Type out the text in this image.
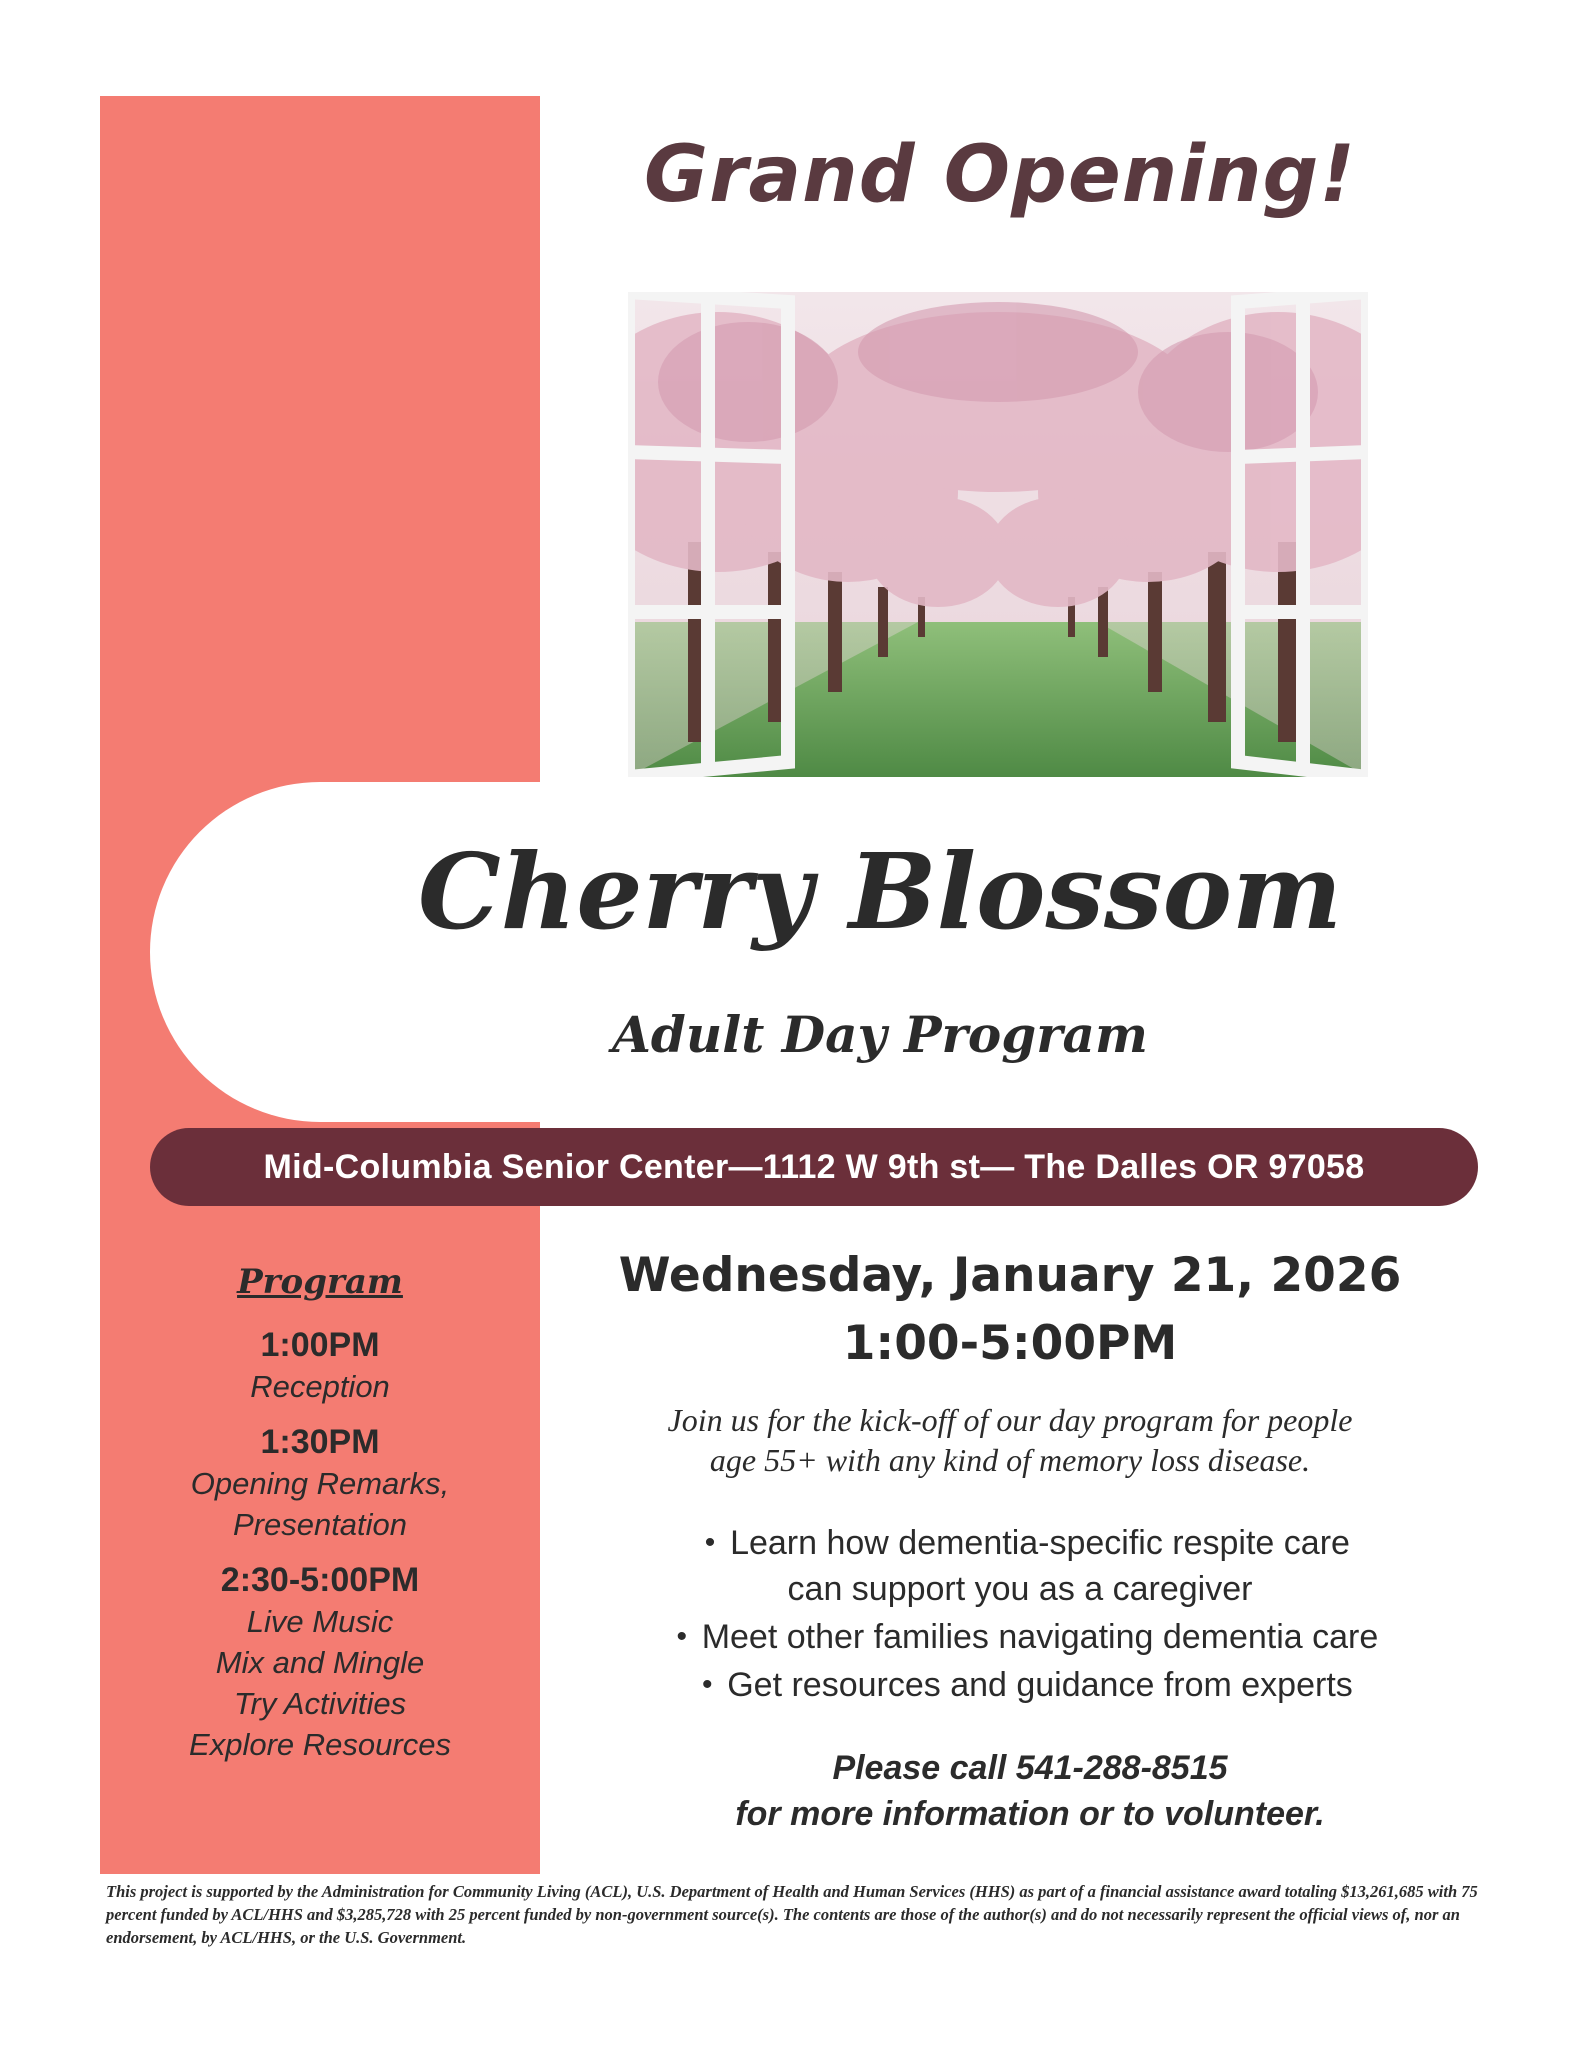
Grand Opening!
Cherry Blossom
Adult Day Program
Mid-Columbia Senior Center—1112 W 9th st— The Dalles OR 97058
Program
1:00PM
Reception
1:30PM
Opening Remarks,
Presentation
2:30-5:00PM
Live Music
Mix and Mingle
Try Activities
Explore Resources
Wednesday, January 21, 2026
1:00-5:00PM
Join us for the kick-off of our day program for people
age 55+ with any kind of memory loss disease.
• Learn how dementia-specific respite care
can support you as a caregiver
• Meet other families navigating dementia care
• Get resources and guidance from experts
Please call 541-288-8515
for more information or to volunteer.
This project is supported by the Administration for Community Living (ACL), U.S. Department of Health and Human Services (HHS) as part of a financial assistance award totaling $13,261,685 with 75 percent funded by ACL/HHS and $3,285,728 with 25 percent funded by non-government source(s). The contents are those of the author(s) and do not necessarily represent the official views of, nor an endorsement, by ACL/HHS, or the U.S. Government.
